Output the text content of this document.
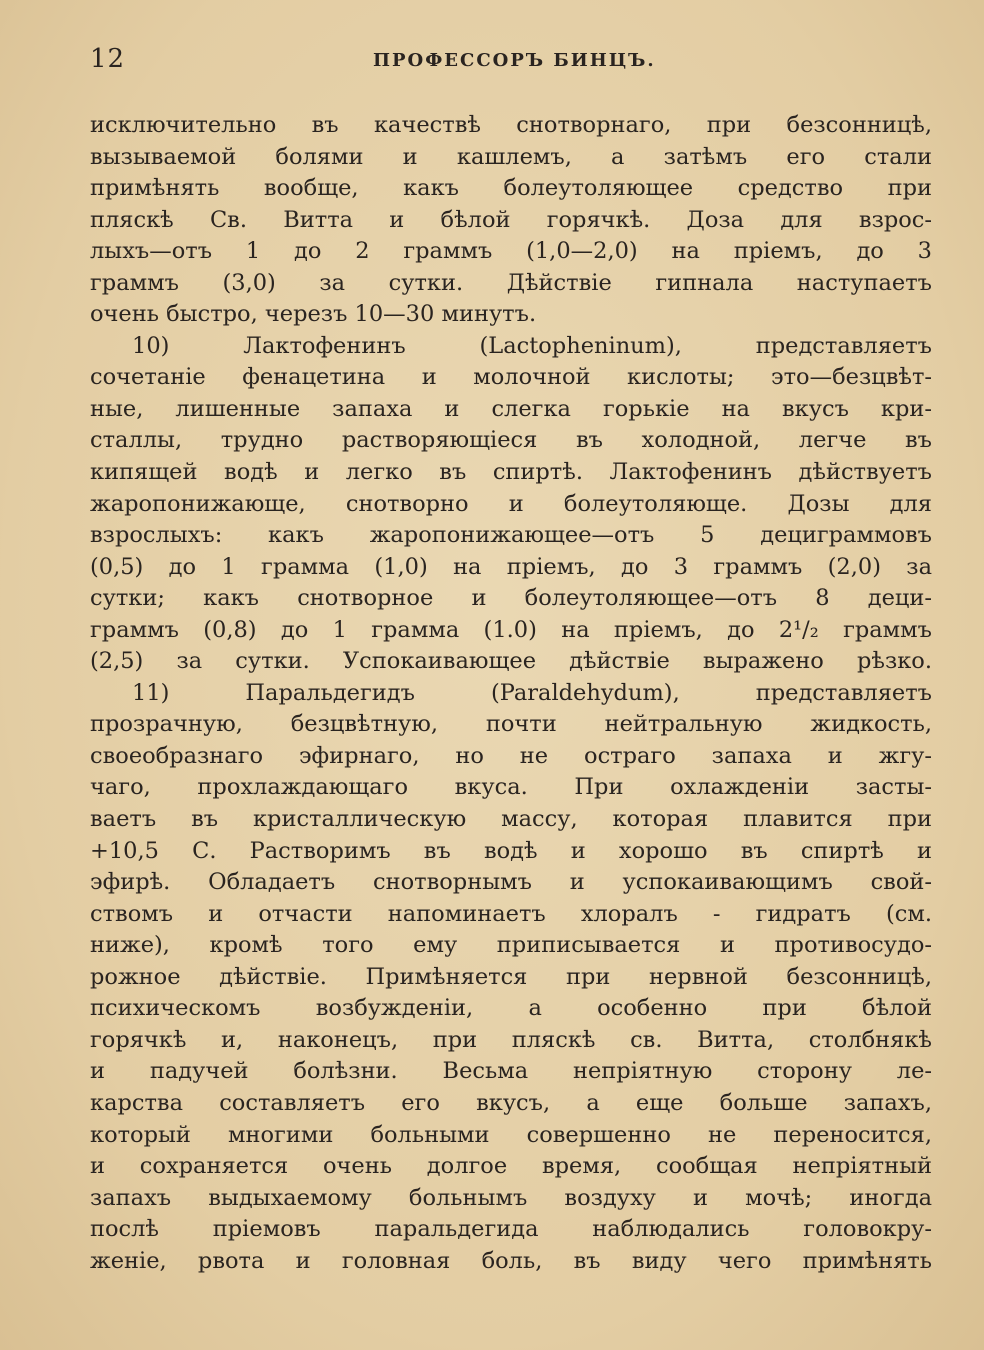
12	ПРОФЕССОРЪ БИНЦЪ.
исключительно въ качествѣ снотворнаго, при безсонницѣ,
вызываемой болями и кашлемъ, а затѣмъ его стали
примѣнять вообще, какъ болеутоляющее средство при
пляскѣ Св. Витта и бѣлой горячкѣ. Доза для взрос-
лыхъ—отъ 1 до 2 граммъ (1,0—2,0) на пріемъ, до 3
граммъ (3,0) за сутки. Дѣйствіе гипнала наступаетъ
очень быстро, черезъ 10—30 минутъ.
10) Лактофенинъ (Lactophenіnum), представляетъ
сочетаніе фенацетина и молочной кислоты; это—безцвѣт-
ные, лишенные запаха и слегка горькіе на вкусъ кри-
сталлы, трудно растворяющіеся въ холодной, легче въ
кипящей водѣ и легко въ спиртѣ. Лактофенинъ дѣйствуетъ
жаропонижающе, снотворно и болеутоляюще. Дозы для
взрослыхъ: какъ жаропонижающее—отъ 5 дециграммовъ
(0,5) до 1 грамма (1,0) на пріемъ, до 3 граммъ (2,0) за
сутки; какъ снотворное и болеутоляющее—отъ 8 деци-
граммъ (0,8) до 1 грамма (1.0) на пріемъ, до 2¹/₂ граммъ
(2,5) за сутки. Успокаивающее дѣйствіе выражено рѣзко.
11) Паральдегидъ (Paraldehydum), представляетъ
прозрачную, безцвѣтную, почти нейтральную жидкость,
своеобразнаго эфирнаго, но не остраго запаха и жгу-
чаго, прохлаждающаго вкуса. При охлажденіи засты-
ваетъ въ кристаллическую массу, которая плавится при
+10,5 С. Растворимъ въ водѣ и хорошо въ спиртѣ и
эфирѣ. Обладаетъ снотворнымъ и успокаивающимъ свой-
ствомъ и отчасти напоминаетъ хлоралъ - гидратъ (см.
ниже), кромѣ того ему приписывается и противосудо-
рожное дѣйствіе. Примѣняется при нервной безсонницѣ,
психическомъ возбужденіи, а особенно при бѣлой
горячкѣ и, наконецъ, при пляскѣ св. Витта, столбнякѣ
и падучей болѣзни. Весьма непріятную сторону ле-
карства составляетъ его вкусъ, а еще больше запахъ,
который многими больными совершенно не переносится,
и сохраняется очень долгое время, сообщая непріятный
запахъ выдыхаемому больнымъ воздуху и мочѣ; иногда
послѣ пріемовъ паральдегида наблюдались головокру-
женіе, рвота и головная боль, въ виду чего примѣнять
